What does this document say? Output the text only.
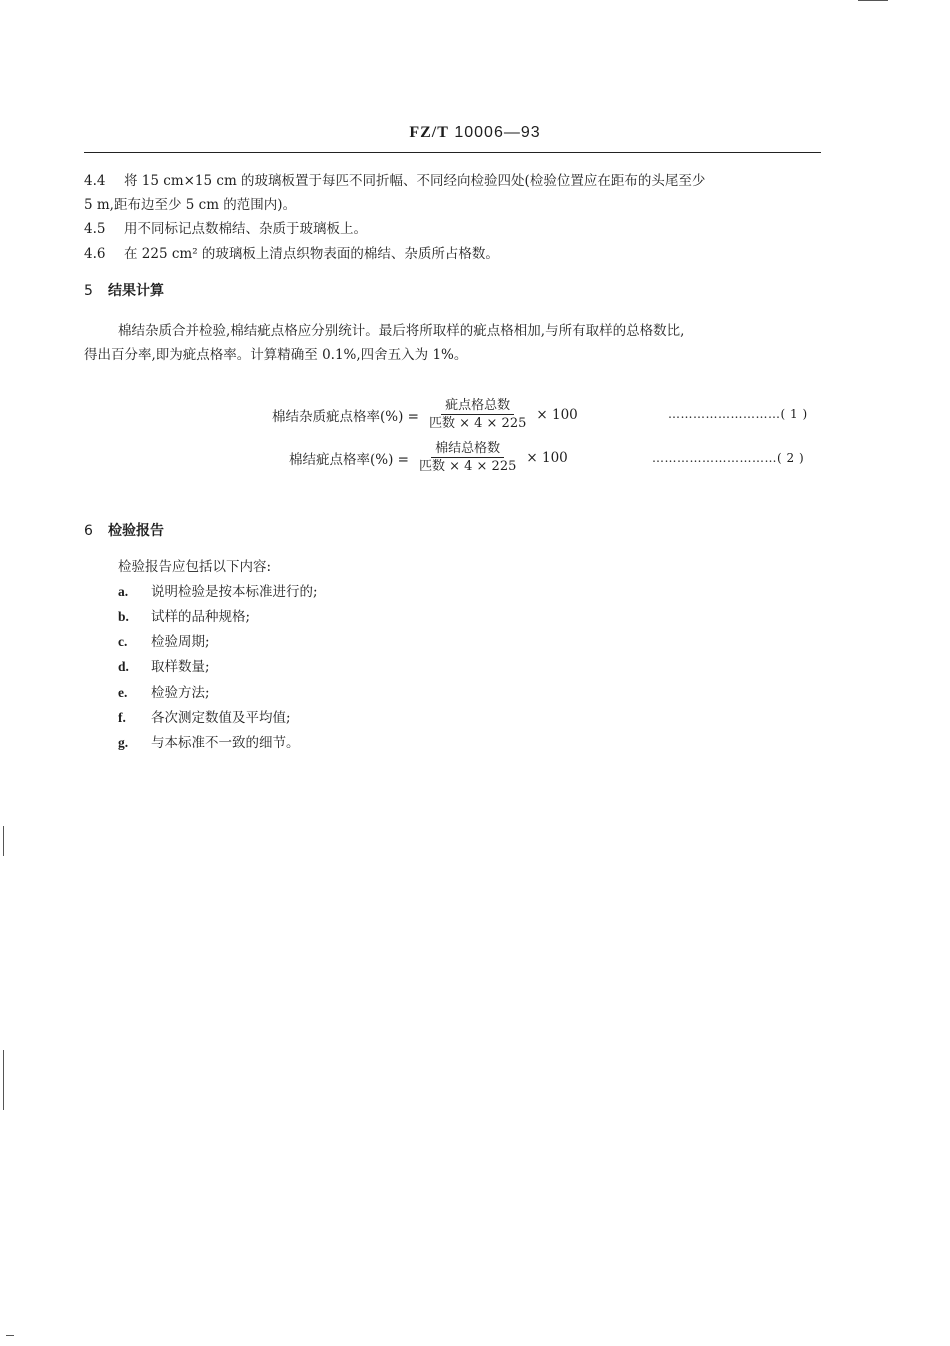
FZ/T 10006—93
4.4 将 15 cm×15 cm 的玻璃板置于每匹不同折幅、不同经向检验四处(检验位置应在距布的头尾至少
5 m,距布边至少 5 cm 的范围内)。
4.5 用不同标记点数棉结、杂质于玻璃板上。
4.6 在 225 cm² 的玻璃板上清点织物表面的棉结、杂质所占格数。
5 结果计算
棉结杂质合并检验,棉结疵点格应分别统计。最后将所取样的疵点格相加,与所有取样的总格数比,
得出百分率,即为疵点格率。计算精确至 0.1%,四舍五入为 1%。
棉结杂质疵点格率(%) = $\frac{\text{疵点格总数}}{\text{匹数 × 4 × 225}} \times 100$	………………………( 1 )
棉结疵点格率(%) = $\frac{\text{棉结总格数}}{\text{匹数 × 4 × 225}} \times 100$	…………………………( 2 )
6 检验报告
检验报告应包括以下内容:
a. 说明检验是按本标准进行的;
b. 试样的品种规格;
c. 检验周期;
d. 取样数量;
e. 检验方法;
f. 各次测定数值及平均值;
g. 与本标准不一致的细节。
